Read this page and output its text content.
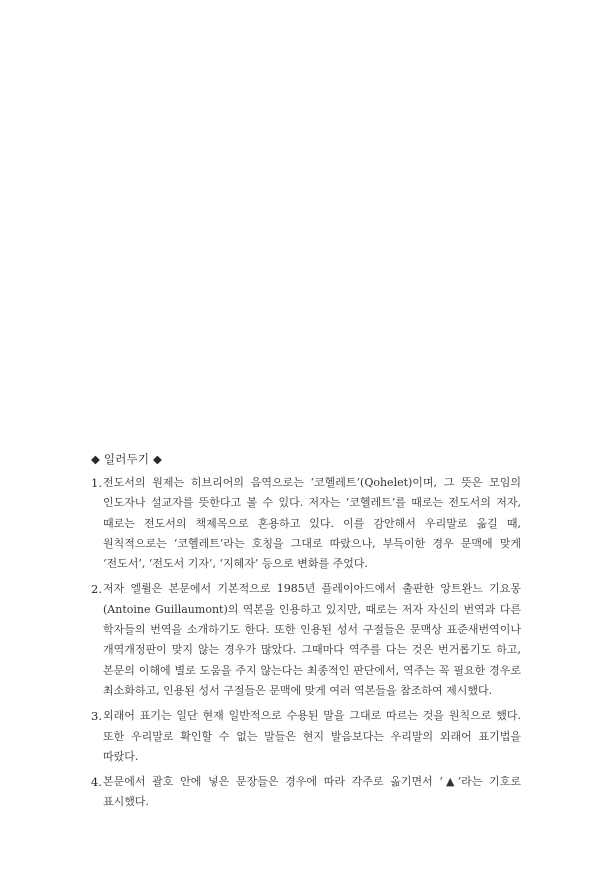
◆ 일러두기 ◆
1. 전도서의 원제는 히브리어의 음역으로는 ‘코헬레트’(Qohelet)이며, 그 뜻은 모임의 인도자나 설교자를 뜻한다고 볼 수 있다. 저자는 ‘코헬레트’를 때로는 전도서의 저자, 때로는 전도서의 책제목으로 혼용하고 있다. 이를 감안해서 우리말로 옮길 때, 원칙적으로는 ‘코헬레트’라는 호칭을 그대로 따랐으나, 부득이한 경우 문맥에 맞게 ‘전도서’, ‘전도서 기자’, ‘지혜자’ 등으로 변화를 주었다.
2. 저자 엘륄은 본문에서 기본적으로 1985년 플레이아드에서 출판한 앙트완느 기요몽(Antoine Guillaumont)의 역본을 인용하고 있지만, 때로는 저자 자신의 번역과 다른 학자들의 번역을 소개하기도 한다. 또한 인용된 성서 구절들은 문맥상 표준새번역이나 개역개정판이 맞지 않는 경우가 많았다. 그때마다 역주를 다는 것은 번거롭기도 하고, 본문의 이해에 별로 도움을 주지 않는다는 최종적인 판단에서, 역주는 꼭 필요한 경우로 최소화하고, 인용된 성서 구절들은 문맥에 맞게 여러 역본들을 참조하여 제시했다.
3. 외래어 표기는 일단 현재 일반적으로 수용된 말을 그대로 따르는 것을 원칙으로 했다. 또한 우리말로 확인할 수 없는 말들은 현지 발음보다는 우리말의 외래어 표기법을 따랐다.
4. 본문에서 괄호 안에 넣은 문장들은 경우에 따라 각주로 옮기면서 ‘▲’라는 기호로 표시했다.
